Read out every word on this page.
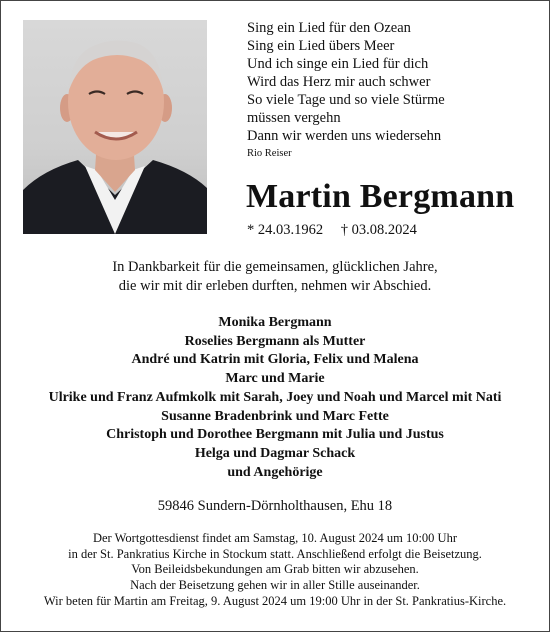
Sing ein Lied für den Ozean
Sing ein Lied übers Meer
Und ich singe ein Lied für dich
Wird das Herz mir auch schwer
So viele Tage und so viele Stürme
müssen vergehn
Dann wir werden uns wiedersehn
Rio Reiser
Martin Bergmann
* 24.03.1962 † 03.08.2024
In Dankbarkeit für die gemeinsamen, glücklichen Jahre,
die wir mit dir erleben durften, nehmen wir Abschied.
Monika Bergmann
Roselies Bergmann als Mutter
André und Katrin mit Gloria, Felix und Malena
Marc und Marie
Ulrike und Franz Aufmkolk mit Sarah, Joey und Noah und Marcel mit Nati
Susanne Bradenbrink und Marc Fette
Christoph und Dorothee Bergmann mit Julia und Justus
Helga und Dagmar Schack
und Angehörige
59846 Sundern-Dörnholthausen, Ehu 18
Der Wortgottesdienst findet am Samstag, 10. August 2024 um 10:00 Uhr
in der St. Pankratius Kirche in Stockum statt. Anschließend erfolgt die Beisetzung.
Von Beileidsbekundungen am Grab bitten wir abzusehen.
Nach der Beisetzung gehen wir in aller Stille auseinander.
Wir beten für Martin am Freitag, 9. August 2024 um 19:00 Uhr in der St. Pankratius-Kirche.
